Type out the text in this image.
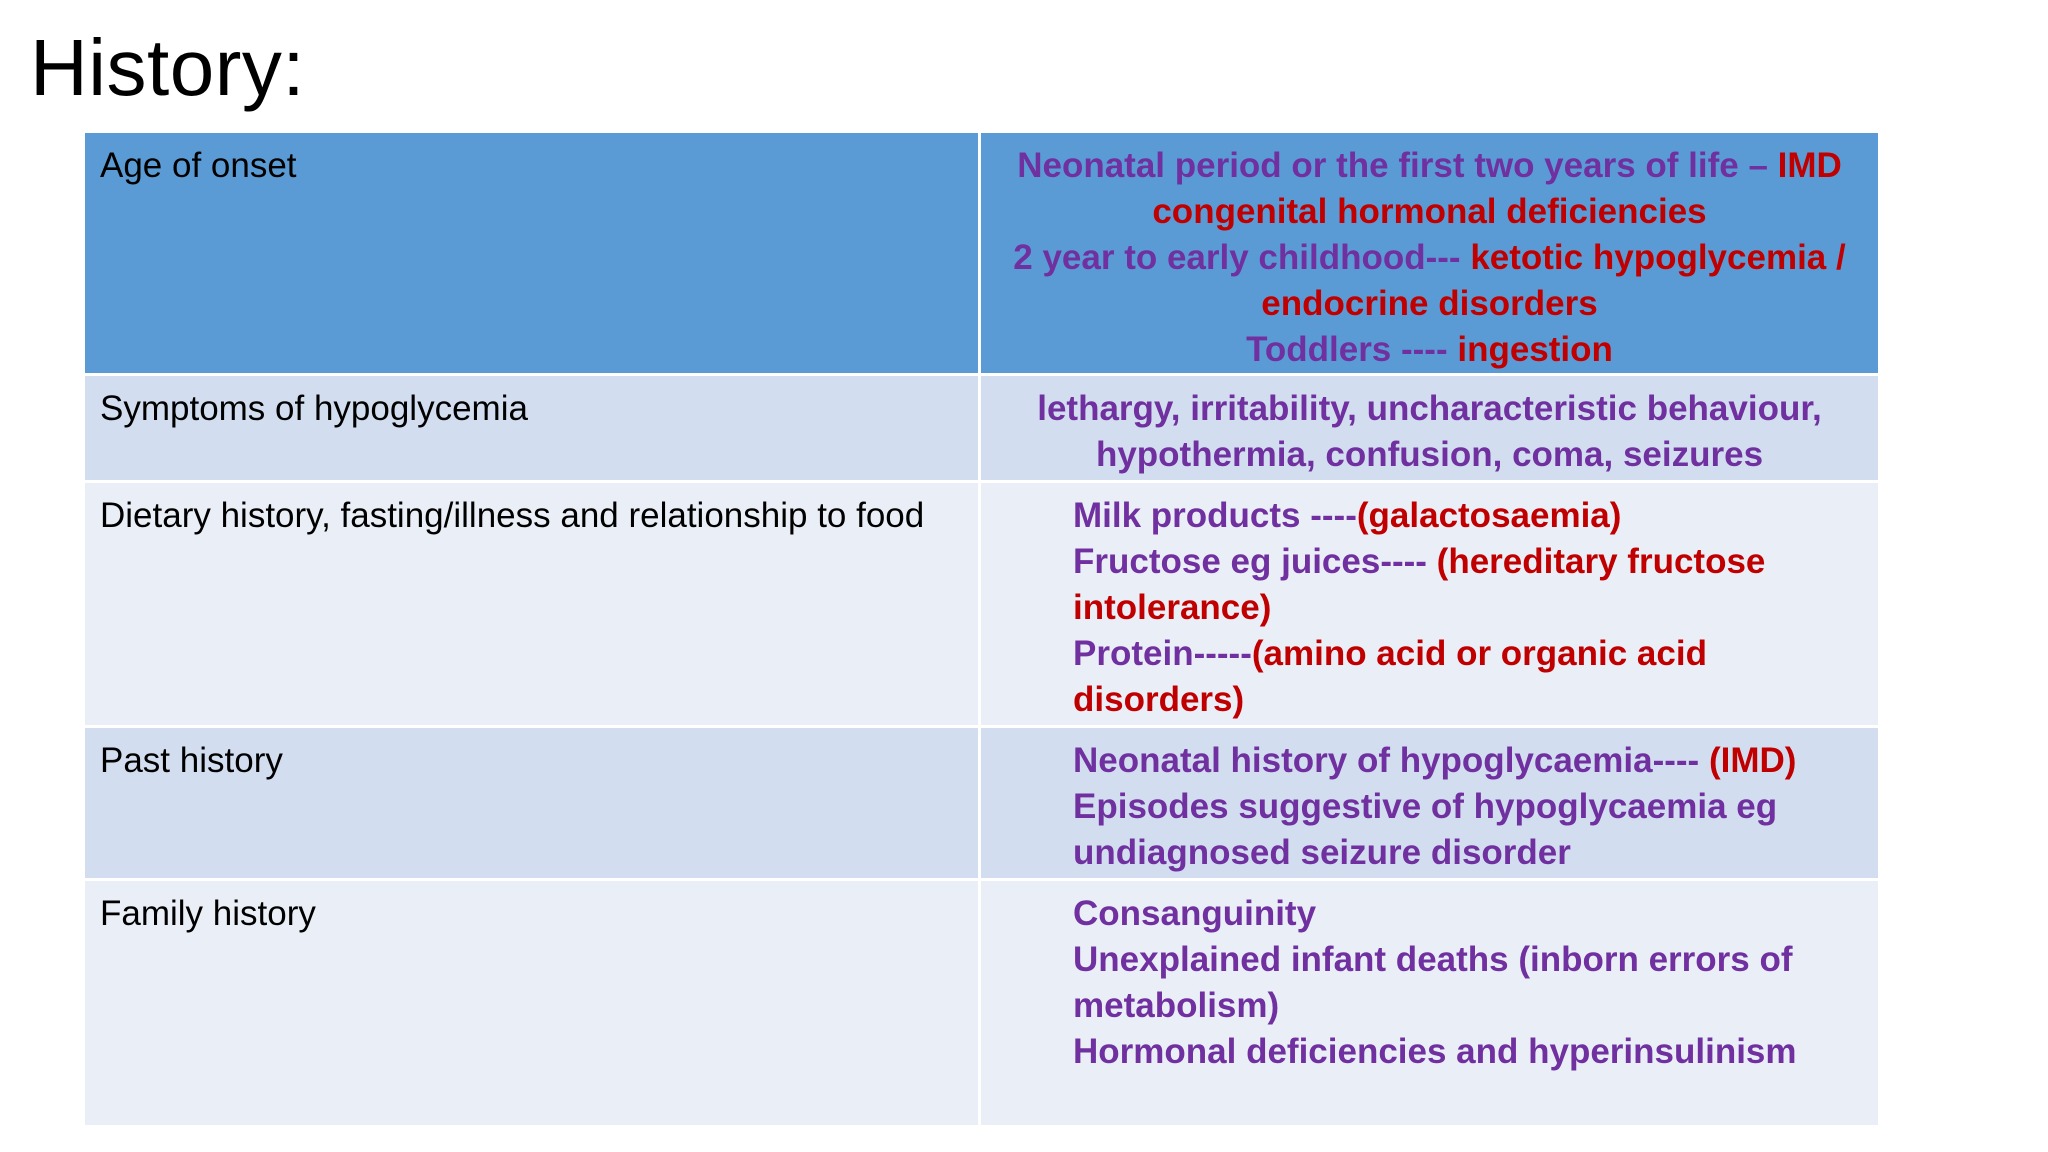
History:
Age of onset	Neonatal period or the first two years of life – IMD
congenital hormonal deficiencies
2 year to early childhood--- ketotic hypoglycemia /
endocrine disorders
Toddlers ---- ingestion

Symptoms of hypoglycemia	lethargy, irritability, uncharacteristic behaviour,
hypothermia, confusion, coma, seizures

Dietary history, fasting/illness and relationship to food	Milk products ----(galactosaemia)
Fructose eg juices---- (hereditary fructose
intolerance)
Protein-----(amino acid or organic acid disorders)

Past history	Neonatal history of hypoglycaemia---- (IMD)
Episodes suggestive of hypoglycaemia eg
undiagnosed seizure disorder

Family history	Consanguinity
Unexplained infant deaths (inborn errors of
metabolism)
Hormonal deficiencies and hyperinsulinism
